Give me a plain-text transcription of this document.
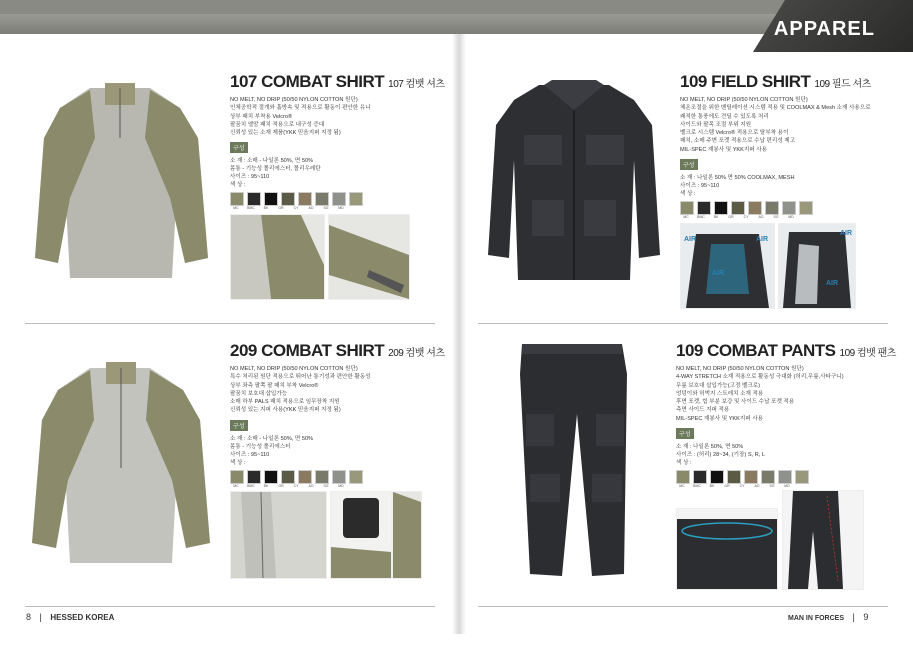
APPAREL
107 COMBAT SHIRT 107 컴뱃 셔츠
NO MELT, NO DRIP (50/50 NYLON COTTON 원단)
인체공학적 절개와 흡방속 및 적용으로 활동이 편안한 유니
상부 패치 부착용 Velcro®
팔꿈치 엘맘 패치 적용으로 내구성 증대
신뢰성 있는 소재 제품(YKK 믿음지퍼 지정 됨)
구성
소 재 : 소매 - 나일론 50%, 면 50%
몸통 - 기능성 폴리에스터, 폴리우레탄
사이즈 : 95~110
색 상 :
MC	BMC	BK	GR	CY	AO	SG	MD
209 COMBAT SHIRT 209 컴뱃 셔츠
NO MELT, NO DRIP (50/50 NYLON COTTON 원단)
특수 처리된 원단 적용으로 뛰어난 통기성과 편안한 활동성
상부 좌측 팔쪽 팔 패치 부착 Velcro®
팔꿈치 보호대 삽입가능
소매 하부 PALS 패치 적용으로 임무장착 지원
신뢰성 있는 지퍼 사용(YKK 믿음지퍼 지정 됨)
구성
소 재 : 소매 - 나일론 50%, 면 50%
몸통 - 기능성 폴리에스터
사이즈 : 95~110
색 상 :
MC	BMC	BK	GR	CY	AO	SG	MD
109 FIELD SHIRT 109 필드 셔츠
NO MELT, NO DRIP (50/50 NYLON COTTON 원단)
체온조절을 위한 벤틸레이션 시스템 적용 및 COOLMAX & Mesh 소재 사용으로
쾌적한 통풍에도 견딜 수 있도록 처리
사이드와 팔목 조절 부위 지원
벨크로 시스템 Velcro® 적용으로 탈부착 용이
패치, 소매 주변 포켓 적용으로 수납 편리성 제고
MIL-SPEC 재봉사 및 YKK지퍼 사용
구성
소 재 : 나일론 50% 면 50% COOLMAX, MESH
사이즈 : 95~110
색 상 :
MC	BMC	BK	GR	CY	AO	SG	MD
AIR	AIR
AIR
AIR
AIR
109 COMBAT PANTS 109 컴뱃 팬츠
NO MELT, NO DRIP (50/50 NYLON COTTON 원단)
4-WAY STRETCH 소재 적용으로 활동성 극대화 (허리,무릎,사타구니)
무릎 보호대 삽입가능(고정 벨크로)
엉덩이와 허벅지 스트레치 소재 적용
후면 포켓, 힙 부분 보강 및 사이드 수납 포켓 적용
측면 사이드 지퍼 적용
MIL-SPEC 재봉사 및 YKK지퍼 사용
구성
소 재 : 나일론 50%, 면 50%
사이즈 : (허리) 28~34, (기장) S, R, L
색 상 :
MC	BMC	BK	GR	CY	AO	SG	MD
8 | HESSED KOREA	MAN IN FORCES | 9
